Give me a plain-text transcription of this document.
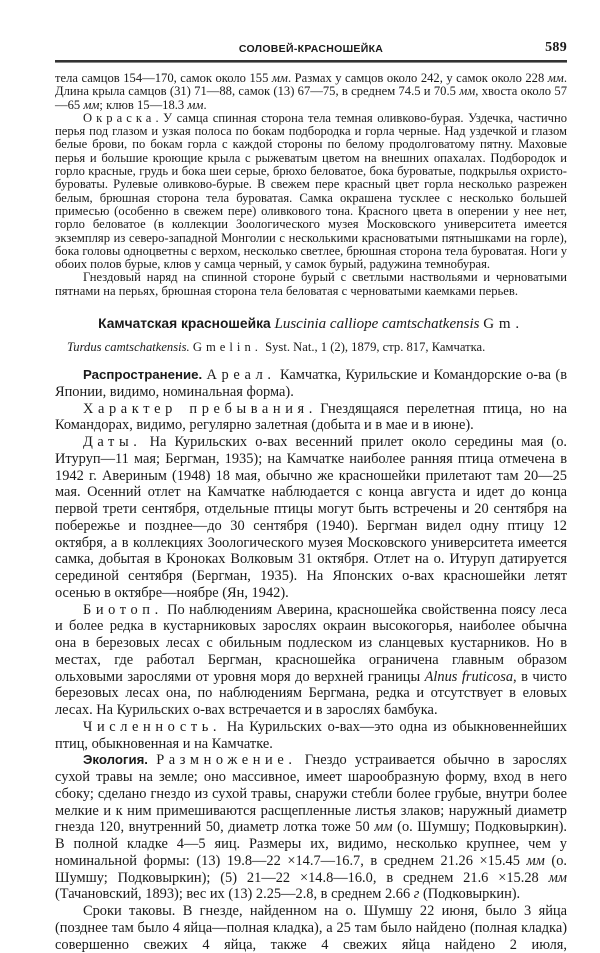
СОЛОВЕЙ-КРАСНОШЕЙКА	589

тела самцов 154—170, самок около 155 мм. Размах у самцов около 242, у самок около 228 мм. Длина крыла самцов (31) 71—88, самок (13) 67—75, в среднем 74.5 и 70.5 мм, хвоста около 57—65 мм; клюв 15—18.3 мм.

Окраска. У самца спинная сторона тела темная оливково-бурая. Уздечка, частично перья под глазом и узкая полоса по бокам подбородка и горла черные. Над уздечкой и глазом белые брови, по бокам горла с каждой стороны по белому продолговатому пятну. Маховые перья и большие кроющие крыла с рыжеватым цветом на внешних опахалах. Подбородок и горло красные, грудь и бока шеи серые, брюхо беловатое, бока буроватые, подкрылья охристо-буроваты. Рулевые оливково-бурые. В свежем пере красный цвет горла несколько разрежен белым, брюшная сторона тела буроватая. Самка окрашена тусклее с несколько большей примесью (особенно в свежем пере) оливкового тона. Красного цвета в оперении у нее нет, горло беловатое (в коллекции Зоологического музея Московского университета имеется экземпляр из северо-западной Монголии с несколькими красноватыми пятнышками на горле), бока головы одноцветны с верхом, несколько светлее, брюшная сторона тела буроватая. Ноги у обоих полов бурые, клюв у самца черный, у самок бурый, радужина темнобурая.

Гнездовый наряд на спинной стороне бурый с светлыми наствольями и черноватыми пятнами на перьях, брюшная сторона тела беловатая с черноватыми каемками перьев.

Камчатская красношейка Luscinia calliope camtschatkensis Gm.
Turdus camtschatkensis. Gmelin. Syst. Nat., 1 (2), 1879, стр. 817, Камчатка.

Распространение. Ареал. Камчатка, Курильские и Командорские о-ва (в Японии, видимо, номинальная форма).

Характер пребывания. Гнездящаяся перелетная птица, но на Командорах, видимо, регулярно залетная (добыта и в мае и в июне).

Даты. На Курильских о-вах весенний прилет около середины мая (о. Итуруп—11 мая; Бергман, 1935); на Камчатке наиболее ранняя птица отмечена в 1942 г. Авериным (1948) 18 мая, обычно же красношейки прилетают там 20—25 мая. Осенний отлет на Камчатке наблюдается с конца августа и идет до конца первой трети сентября, отдельные птицы могут быть встречены и 20 сентября на побережье и позднее—до 30 сентября (1940). Бергман видел одну птицу 12 октября, а в коллекциях Зоологического музея Московского университета имеется самка, добытая в Кроноках Волковым 31 октября. Отлет на о. Итуруп датируется серединой сентября (Бергман, 1935). На Японских о-вах красношейки летят осенью в октябре—ноябре (Ян, 1942).

Биотоп. По наблюдениям Аверина, красношейка свойственна поясу леса и более редка в кустарниковых зарослях окраин высокогорья, наиболее обычна она в березовых лесах с обильным подлеском из сланцевых кустарников. Но в местах, где работал Бергман, красношейка ограничена главным образом ольховыми зарослями от уровня моря до верхней границы Alnus fruticosa, в чисто березовых лесах она, по наблюдениям Бергмана, редка и отсутствует в еловых лесах. На Курильских о-вах встречается и в зарослях бамбука.

Численность. На Курильских о-вах—это одна из обыкновеннейших птиц, обыкновенная и на Камчатке.

Экология. Размножение. Гнездо устраивается обычно в зарослях сухой травы на земле; оно массивное, имеет шарообразную форму, вход в него сбоку; сделано гнездо из сухой травы, снаружи стебли более грубые, внутри более мелкие и к ним примешиваются расщепленные листья злаков; наружный диаметр гнезда 120, внутренний 50, диаметр лотка тоже 50 мм (о. Шумшу; Подковыркин). В полной кладке 4—5 яиц. Размеры их, видимо, несколько крупнее, чем у номинальной формы: (13) 19.8—22 ×14.7—16.7, в среднем 21.26 ×15.45 мм (о. Шумшу; Подковыркин); (5) 21—22 ×14.8—16.0, в среднем 21.6 ×15.28 мм (Тачановский, 1893); вес их (13) 2.25—2.8, в среднем 2.66 г (Подковыркин).

Сроки таковы. В гнезде, найденном на о. Шумшу 22 июня, было 3 яйца (позднее там было 4 яйца—полная кладка), а 25 там было найдено (полная кладка) совершенно свежих 4 яйца, также 4 свежих яйца найдено 2 июля,
